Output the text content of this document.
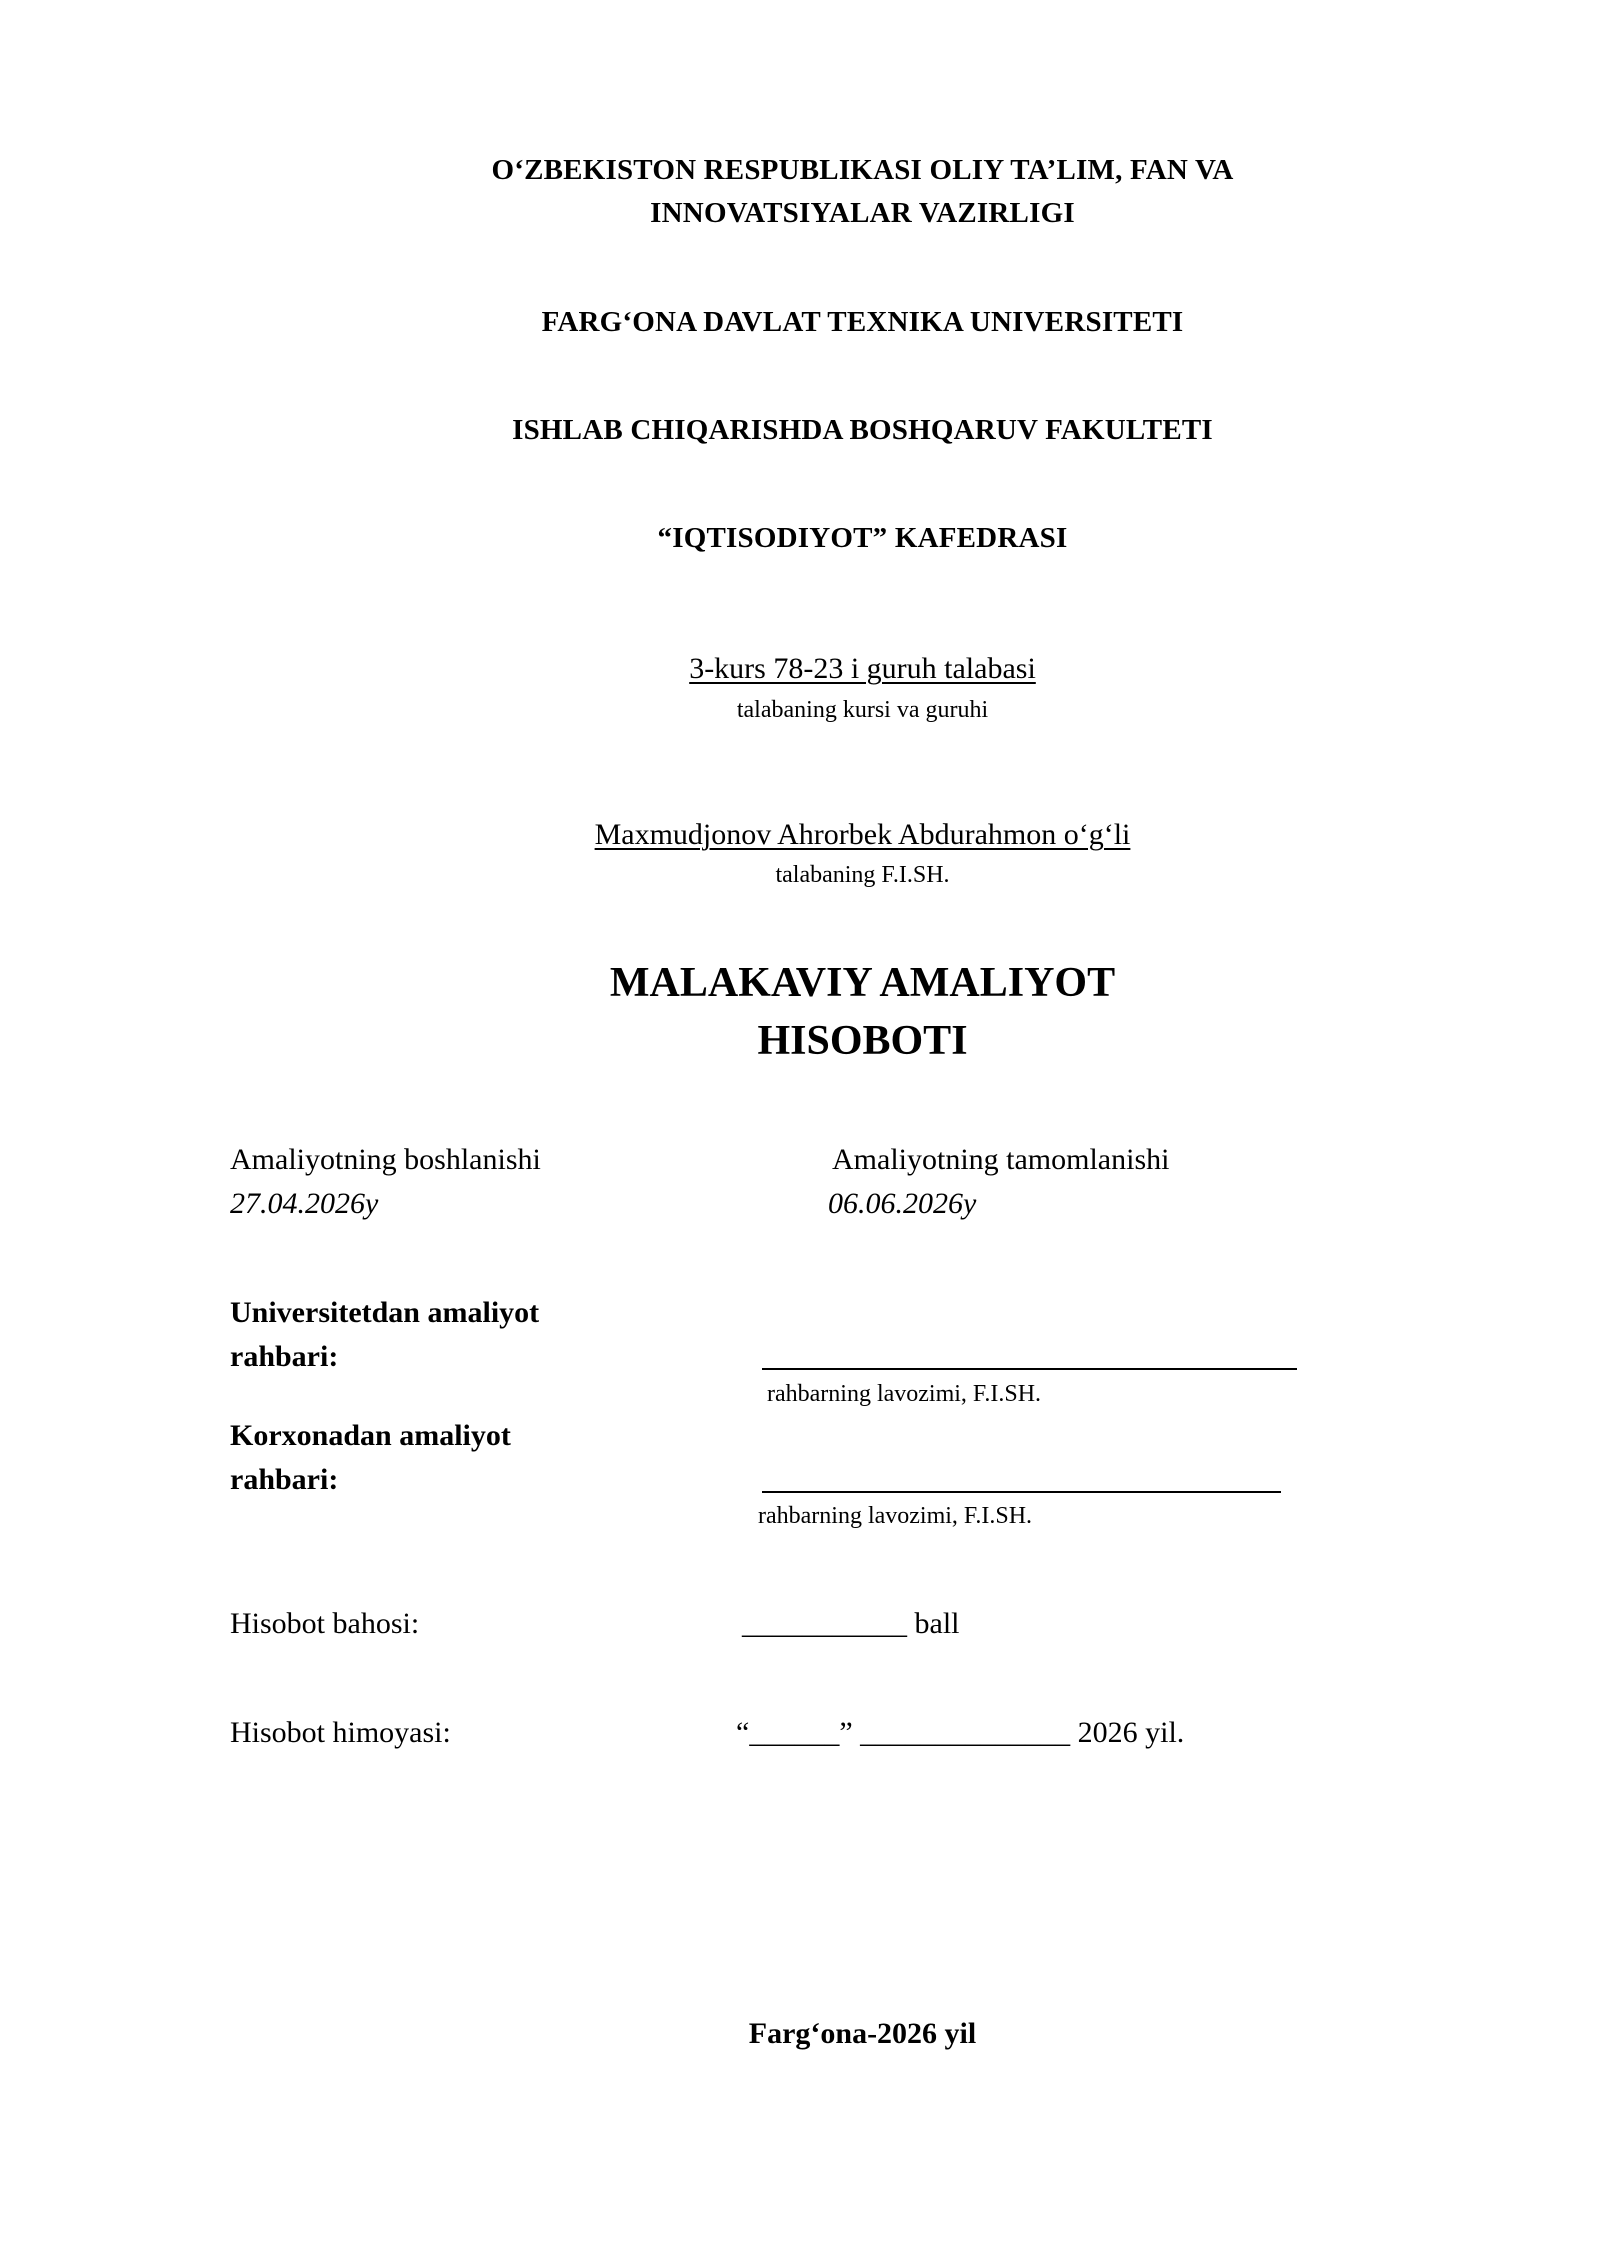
O‘ZBEKISTON RESPUBLIKASI OLIY TA’LIM, FAN VA
INNOVATSIYALAR VAZIRLIGI
FARG‘ONA DAVLAT TEXNIKA UNIVERSITETI
ISHLAB CHIQARISHDA BOSHQARUV FAKULTETI
“IQTISODIYOT” KAFEDRASI
3-kurs 78-23 i guruh talabasi
talabaning kursi va guruhi
Maxmudjonov Ahrorbek Abdurahmon o‘g‘li
talabaning F.I.SH.
MALAKAVIY AMALIYOT
HISOBOTI
Amaliyotning boshlanishi
27.04.2026y
Amaliyotning tamomlanishi
06.06.2026y
Universitetdan amaliyot
rahbari:
rahbarning lavozimi, F.I.SH.
Korxonadan amaliyot
rahbari:
rahbarning lavozimi, F.I.SH.
Hisobot bahosi:	___________ ball
Hisobot himoyasi:	“______” ______________ 2026 yil.
Farg‘ona-2026 yil
